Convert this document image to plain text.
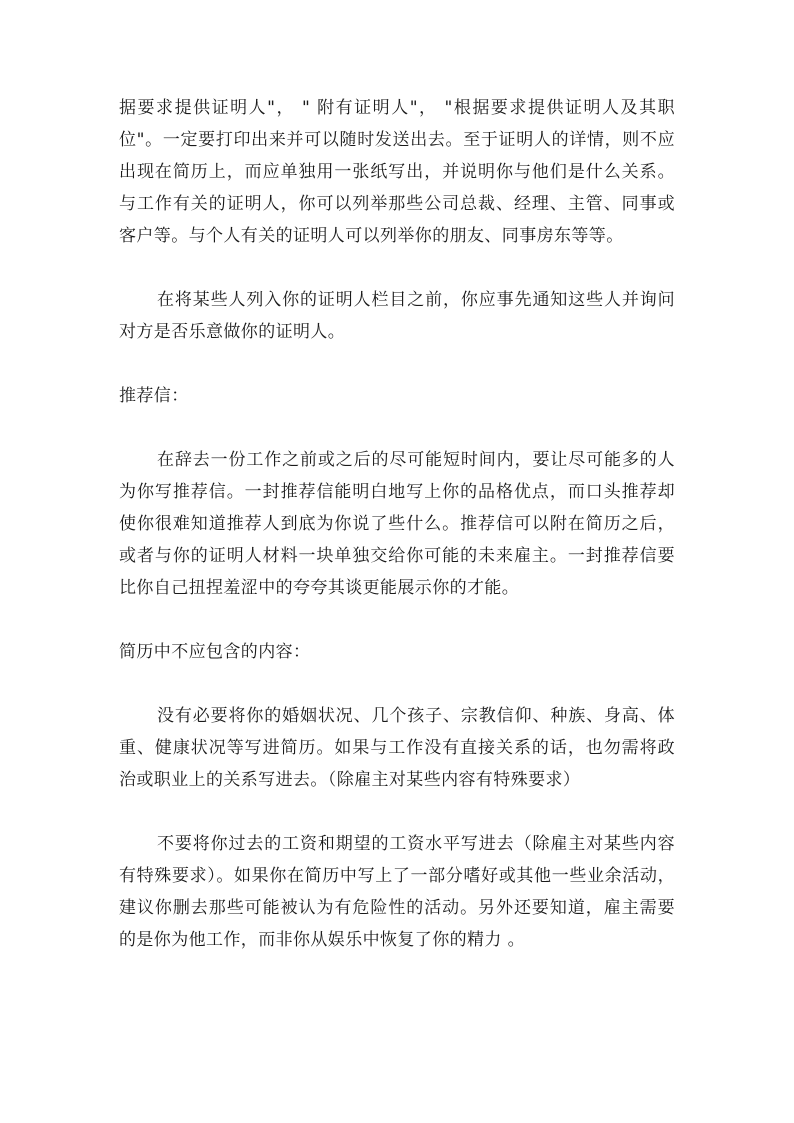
据要求提供证明人"， " 附有证明人"， "根据要求提供证明人及其职位"。一定要打印出来并可以随时发送出去。至于证明人的详情，则不应出现在简历上，而应单独用一张纸写出，并说明你与他们是什么关系。与工作有关的证明人，你可以列举那些公司总裁、经理、主管、同事或客户等。与个人有关的证明人可以列举你的朋友、同事房东等等。

在将某些人列入你的证明人栏目之前，你应事先通知这些人并询问对方是否乐意做你的证明人。

推荐信：

在辞去一份工作之前或之后的尽可能短时间内，要让尽可能多的人为你写推荐信。一封推荐信能明白地写上你的品格优点，而口头推荐却使你很难知道推荐人到底为你说了些什么。推荐信可以附在简历之后，或者与你的证明人材料一块单独交给你可能的未来雇主。一封推荐信要比你自己扭捏羞涩中的夸夸其谈更能展示你的才能。

简历中不应包含的内容：

没有必要将你的婚姻状况、几个孩子、宗教信仰、种族、身高、体重、健康状况等写进简历。如果与工作没有直接关系的话，也勿需将政治或职业上的关系写进去。（除雇主对某些内容有特殊要求）

不要将你过去的工资和期望的工资水平写进去（除雇主对某些内容有特殊要求）。如果你在简历中写上了一部分嗜好或其他一些业余活动，建议你删去那些可能被认为有危险性的活动。另外还要知道，雇主需要的是你为他工作，而非你从娱乐中恢复了你的精力 。
